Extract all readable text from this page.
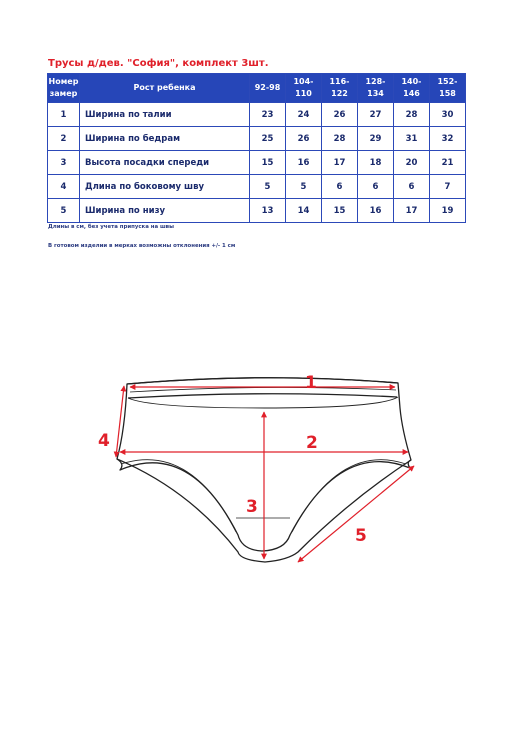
Трусы д/дев. "София", комплект 3шт.
Номер замер	Рост ребенка	92-98	104-110	116-122	128-134	140-146	152-158
1	Ширина по талии	23	24	26	27	28	30
2	Ширина по бедрам	25	26	28	29	31	32
3	Высота посадки спереди	15	16	17	18	20	21
4	Длина по боковому шву	5	5	6	6	6	7
5	Ширина по низу	13	14	15	16	17	19
Длины в см, без учета припуска на швы
В готовом изделии в мерках возможны отклонения +/- 1 см
1
2
3
4
5
